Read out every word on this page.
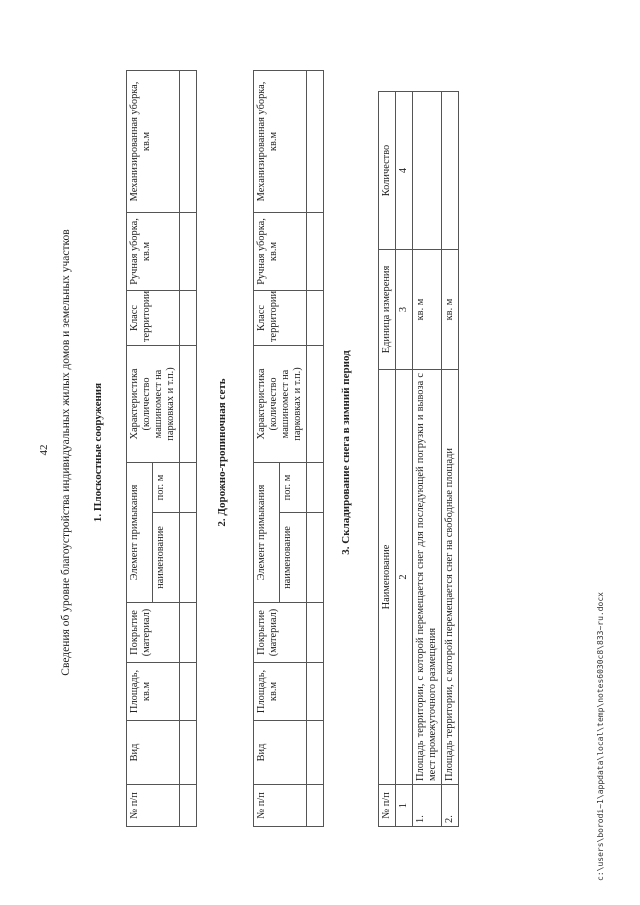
42 Сведения об уровне благоустройства индивидуальных жилых домов и земельных участков 1. Плоскостные сооружения
№ п/п	Вид	Площадь, кв.м	Покрытие (материал)	Элемент примыкания		Характеристика (количество машиномест на парковках и т.п.)	Класс территории	Ручная уборка, кв.м	Механизированная уборка, кв.м
				наименование	пог. м				
										2. Дорожно-тропиночная сеть
№ п/п	Вид	Площадь, кв.м	Покрытие (материал)	Элемент примыкания		Характеристика (количество машиномест на парковках и т.п.)	Класс территории	Ручная уборка, кв.м	Механизированная уборка, кв.м
				наименование	пог. м				
										3. Складирование снега в зимний период
№ п/п	Наименование	Единица измерения	Количество
1	2	3	4
1.	Площадь территории, с которой перемещается снег для последующей погрузки и вывоза с мест промежуточного размещения	кв. м	
2.	Площадь территории, с которой перемещается снег на свободные площади	кв. м	
c:\users\borodi~1\appdata\local\temp\notes6030c8\833~ru.docx
